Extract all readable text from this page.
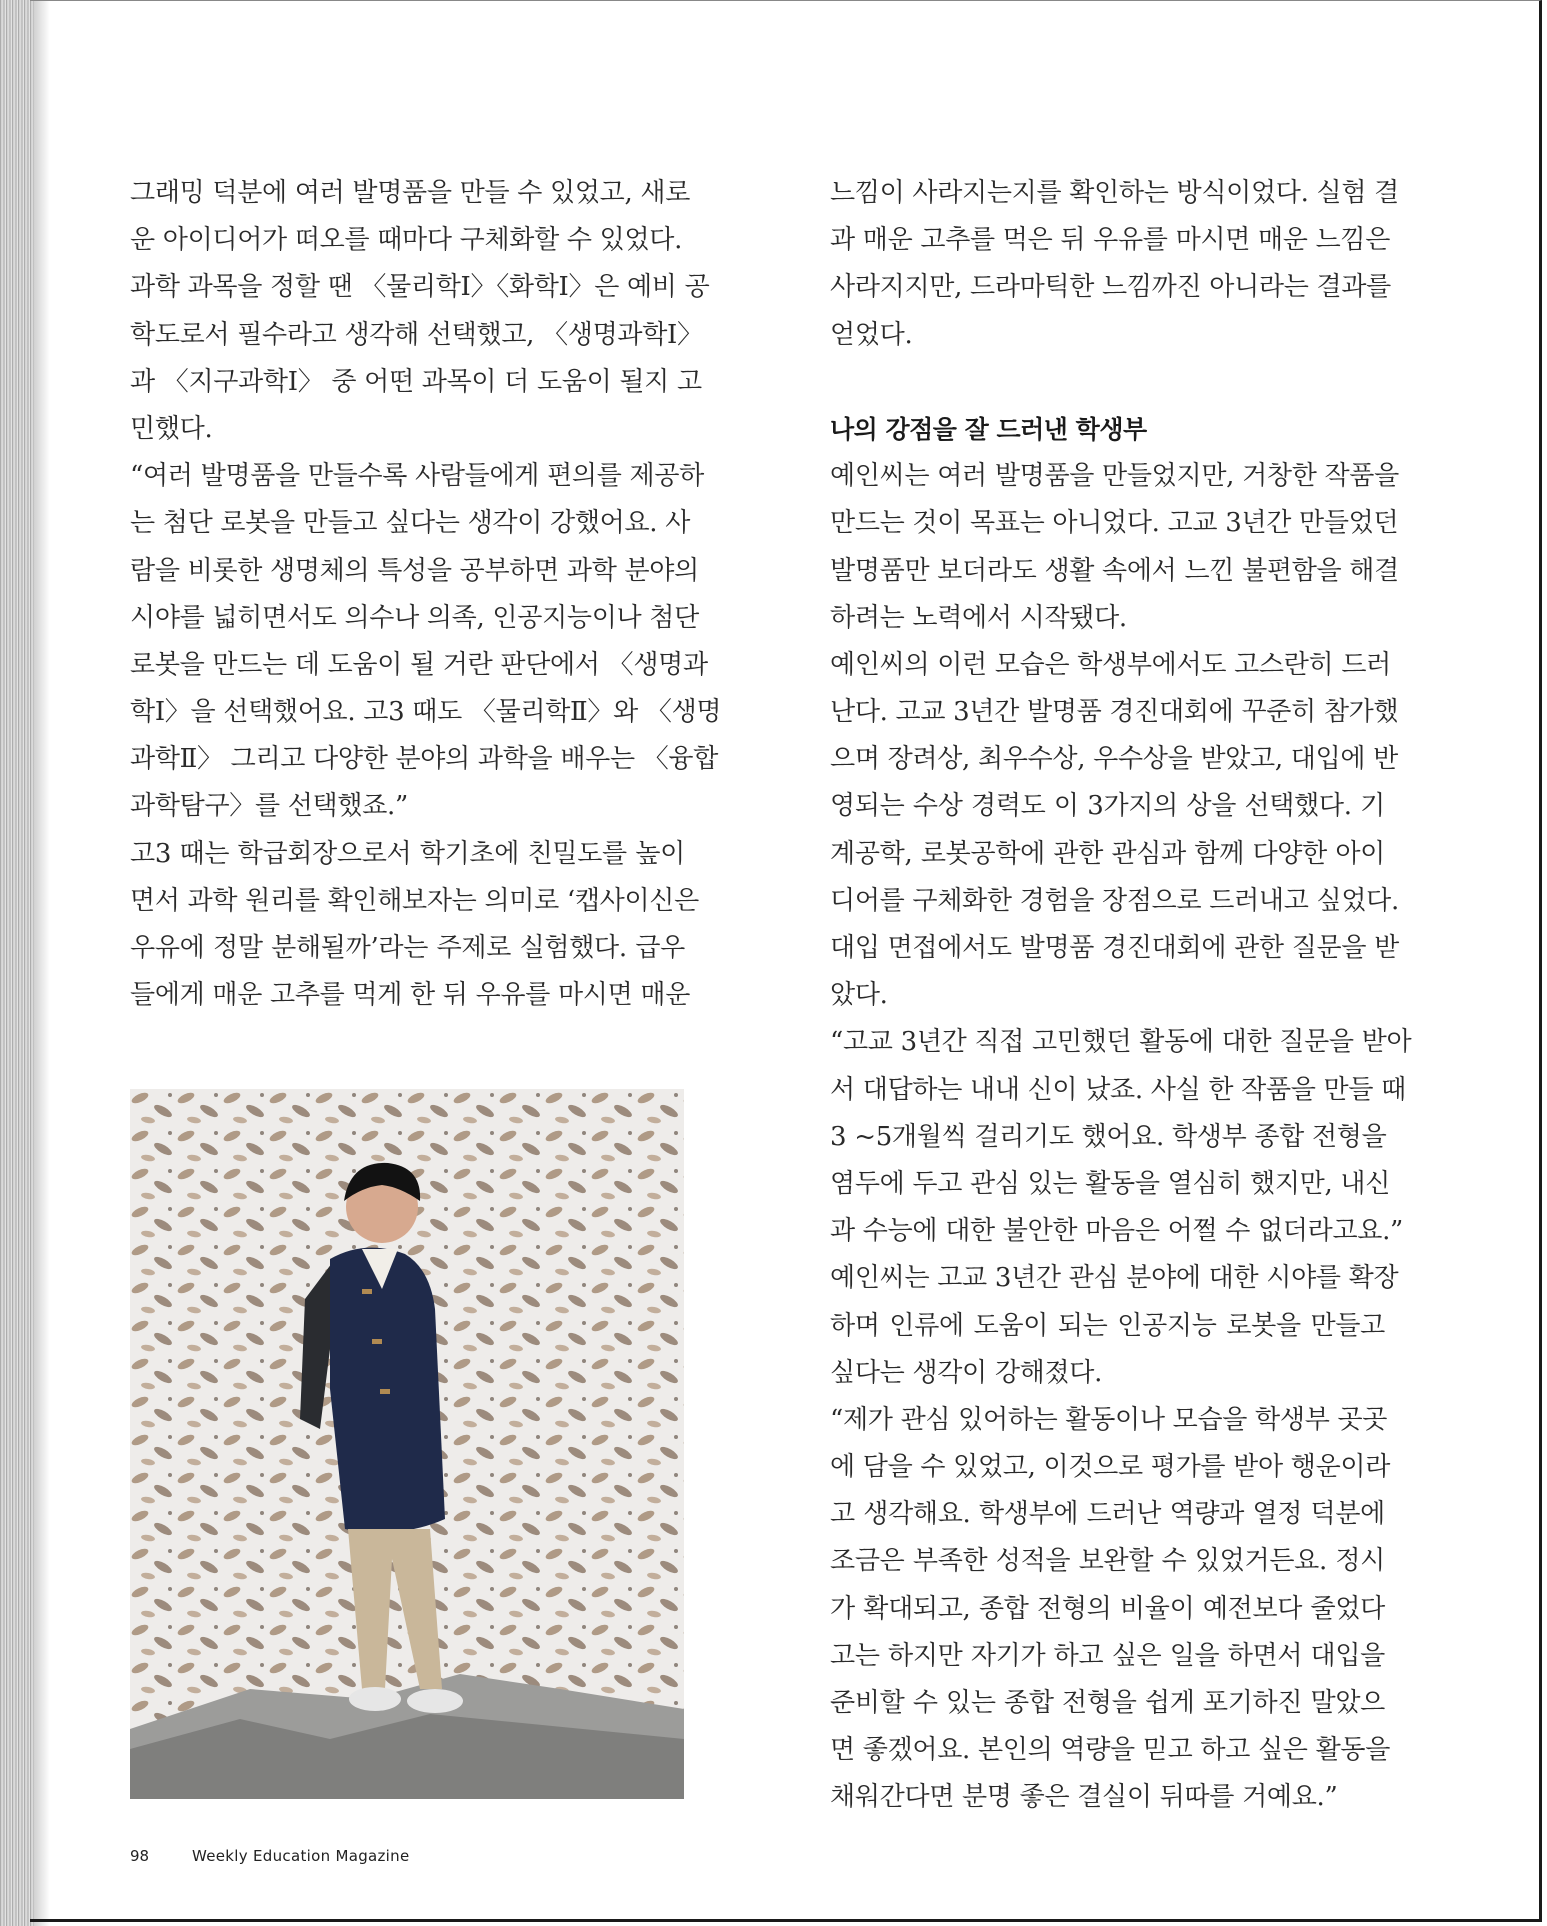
그래밍 덕분에 여러 발명품을 만들 수 있었고, 새로
운 아이디어가 떠오를 때마다 구체화할 수 있었다.
과학 과목을 정할 땐 〈물리학Ⅰ〉〈화학Ⅰ〉은 예비 공
학도로서 필수라고 생각해 선택했고, 〈생명과학Ⅰ〉
과 〈지구과학Ⅰ〉 중 어떤 과목이 더 도움이 될지 고
민했다.
“여러 발명품을 만들수록 사람들에게 편의를 제공하
는 첨단 로봇을 만들고 싶다는 생각이 강했어요. 사
람을 비롯한 생명체의 특성을 공부하면 과학 분야의
시야를 넓히면서도 의수나 의족, 인공지능이나 첨단
로봇을 만드는 데 도움이 될 거란 판단에서 〈생명과
학Ⅰ〉을 선택했어요. 고3 때도 〈물리학Ⅱ〉와 〈생명
과학Ⅱ〉 그리고 다양한 분야의 과학을 배우는 〈융합
과학탐구〉를 선택했죠.”
고3 때는 학급회장으로서 학기초에 친밀도를 높이
면서 과학 원리를 확인해보자는 의미로 ‘캡사이신은
우유에 정말 분해될까’라는 주제로 실험했다. 급우
들에게 매운 고추를 먹게 한 뒤 우유를 마시면 매운
느낌이 사라지는지를 확인하는 방식이었다. 실험 결
과 매운 고추를 먹은 뒤 우유를 마시면 매운 느낌은
사라지지만, 드라마틱한 느낌까진 아니라는 결과를
얻었다.
나의 강점을 잘 드러낸 학생부
예인씨는 여러 발명품을 만들었지만, 거창한 작품을
만드는 것이 목표는 아니었다. 고교 3년간 만들었던
발명품만 보더라도 생활 속에서 느낀 불편함을 해결
하려는 노력에서 시작됐다.
예인씨의 이런 모습은 학생부에서도 고스란히 드러
난다. 고교 3년간 발명품 경진대회에 꾸준히 참가했
으며 장려상, 최우수상, 우수상을 받았고, 대입에 반
영되는 수상 경력도 이 3가지의 상을 선택했다. 기
계공학, 로봇공학에 관한 관심과 함께 다양한 아이
디어를 구체화한 경험을 장점으로 드러내고 싶었다.
대입 면접에서도 발명품 경진대회에 관한 질문을 받
았다.
“고교 3년간 직접 고민했던 활동에 대한 질문을 받아
서 대답하는 내내 신이 났죠. 사실 한 작품을 만들 때
3 ~5개월씩 걸리기도 했어요. 학생부 종합 전형을
염두에 두고 관심 있는 활동을 열심히 했지만, 내신
과 수능에 대한 불안한 마음은 어쩔 수 없더라고요.”
예인씨는 고교 3년간 관심 분야에 대한 시야를 확장
하며 인류에 도움이 되는 인공지능 로봇을 만들고
싶다는 생각이 강해졌다.
“제가 관심 있어하는 활동이나 모습을 학생부 곳곳
에 담을 수 있었고, 이것으로 평가를 받아 행운이라
고 생각해요. 학생부에 드러난 역량과 열정 덕분에
조금은 부족한 성적을 보완할 수 있었거든요. 정시
가 확대되고, 종합 전형의 비율이 예전보다 줄었다
고는 하지만 자기가 하고 싶은 일을 하면서 대입을
준비할 수 있는 종합 전형을 쉽게 포기하진 말았으
면 좋겠어요. 본인의 역량을 믿고 하고 싶은 활동을
채워간다면 분명 좋은 결실이 뒤따를 거예요.”
98	Weekly Education Magazine
